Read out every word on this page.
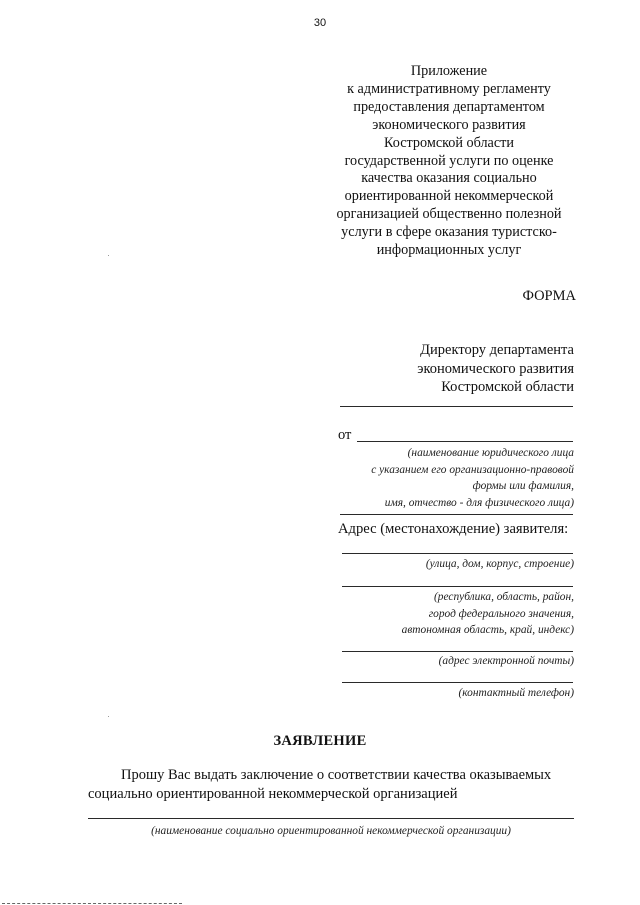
30
Приложение
к административному регламенту
предоставления департаментом
экономического развития
Костромской области
государственной услуги по оценке
качества оказания социально
ориентированной некоммерческой
организацией общественно полезной
услуги в сфере оказания туристско-
информационных услуг
ФОРМА
Директору департамента
экономического развития
Костромской области
от
(наименование юридического лица
с указанием его организационно-правовой
формы или фамилия,
имя, отчество - для физического лица)
Адрес (местонахождение) заявителя:
(улица, дом, корпус, строение)
(республика, область, район,
город федерального значения,
автономная область, край, индекс)
(адрес электронной почты)
(контактный телефон)
ЗАЯВЛЕНИЕ
Прошу Вас выдать заключение о соответствии качества оказываемых
социально ориентированной некоммерческой организацией
(наименование социально ориентированной некоммерческой организации)
